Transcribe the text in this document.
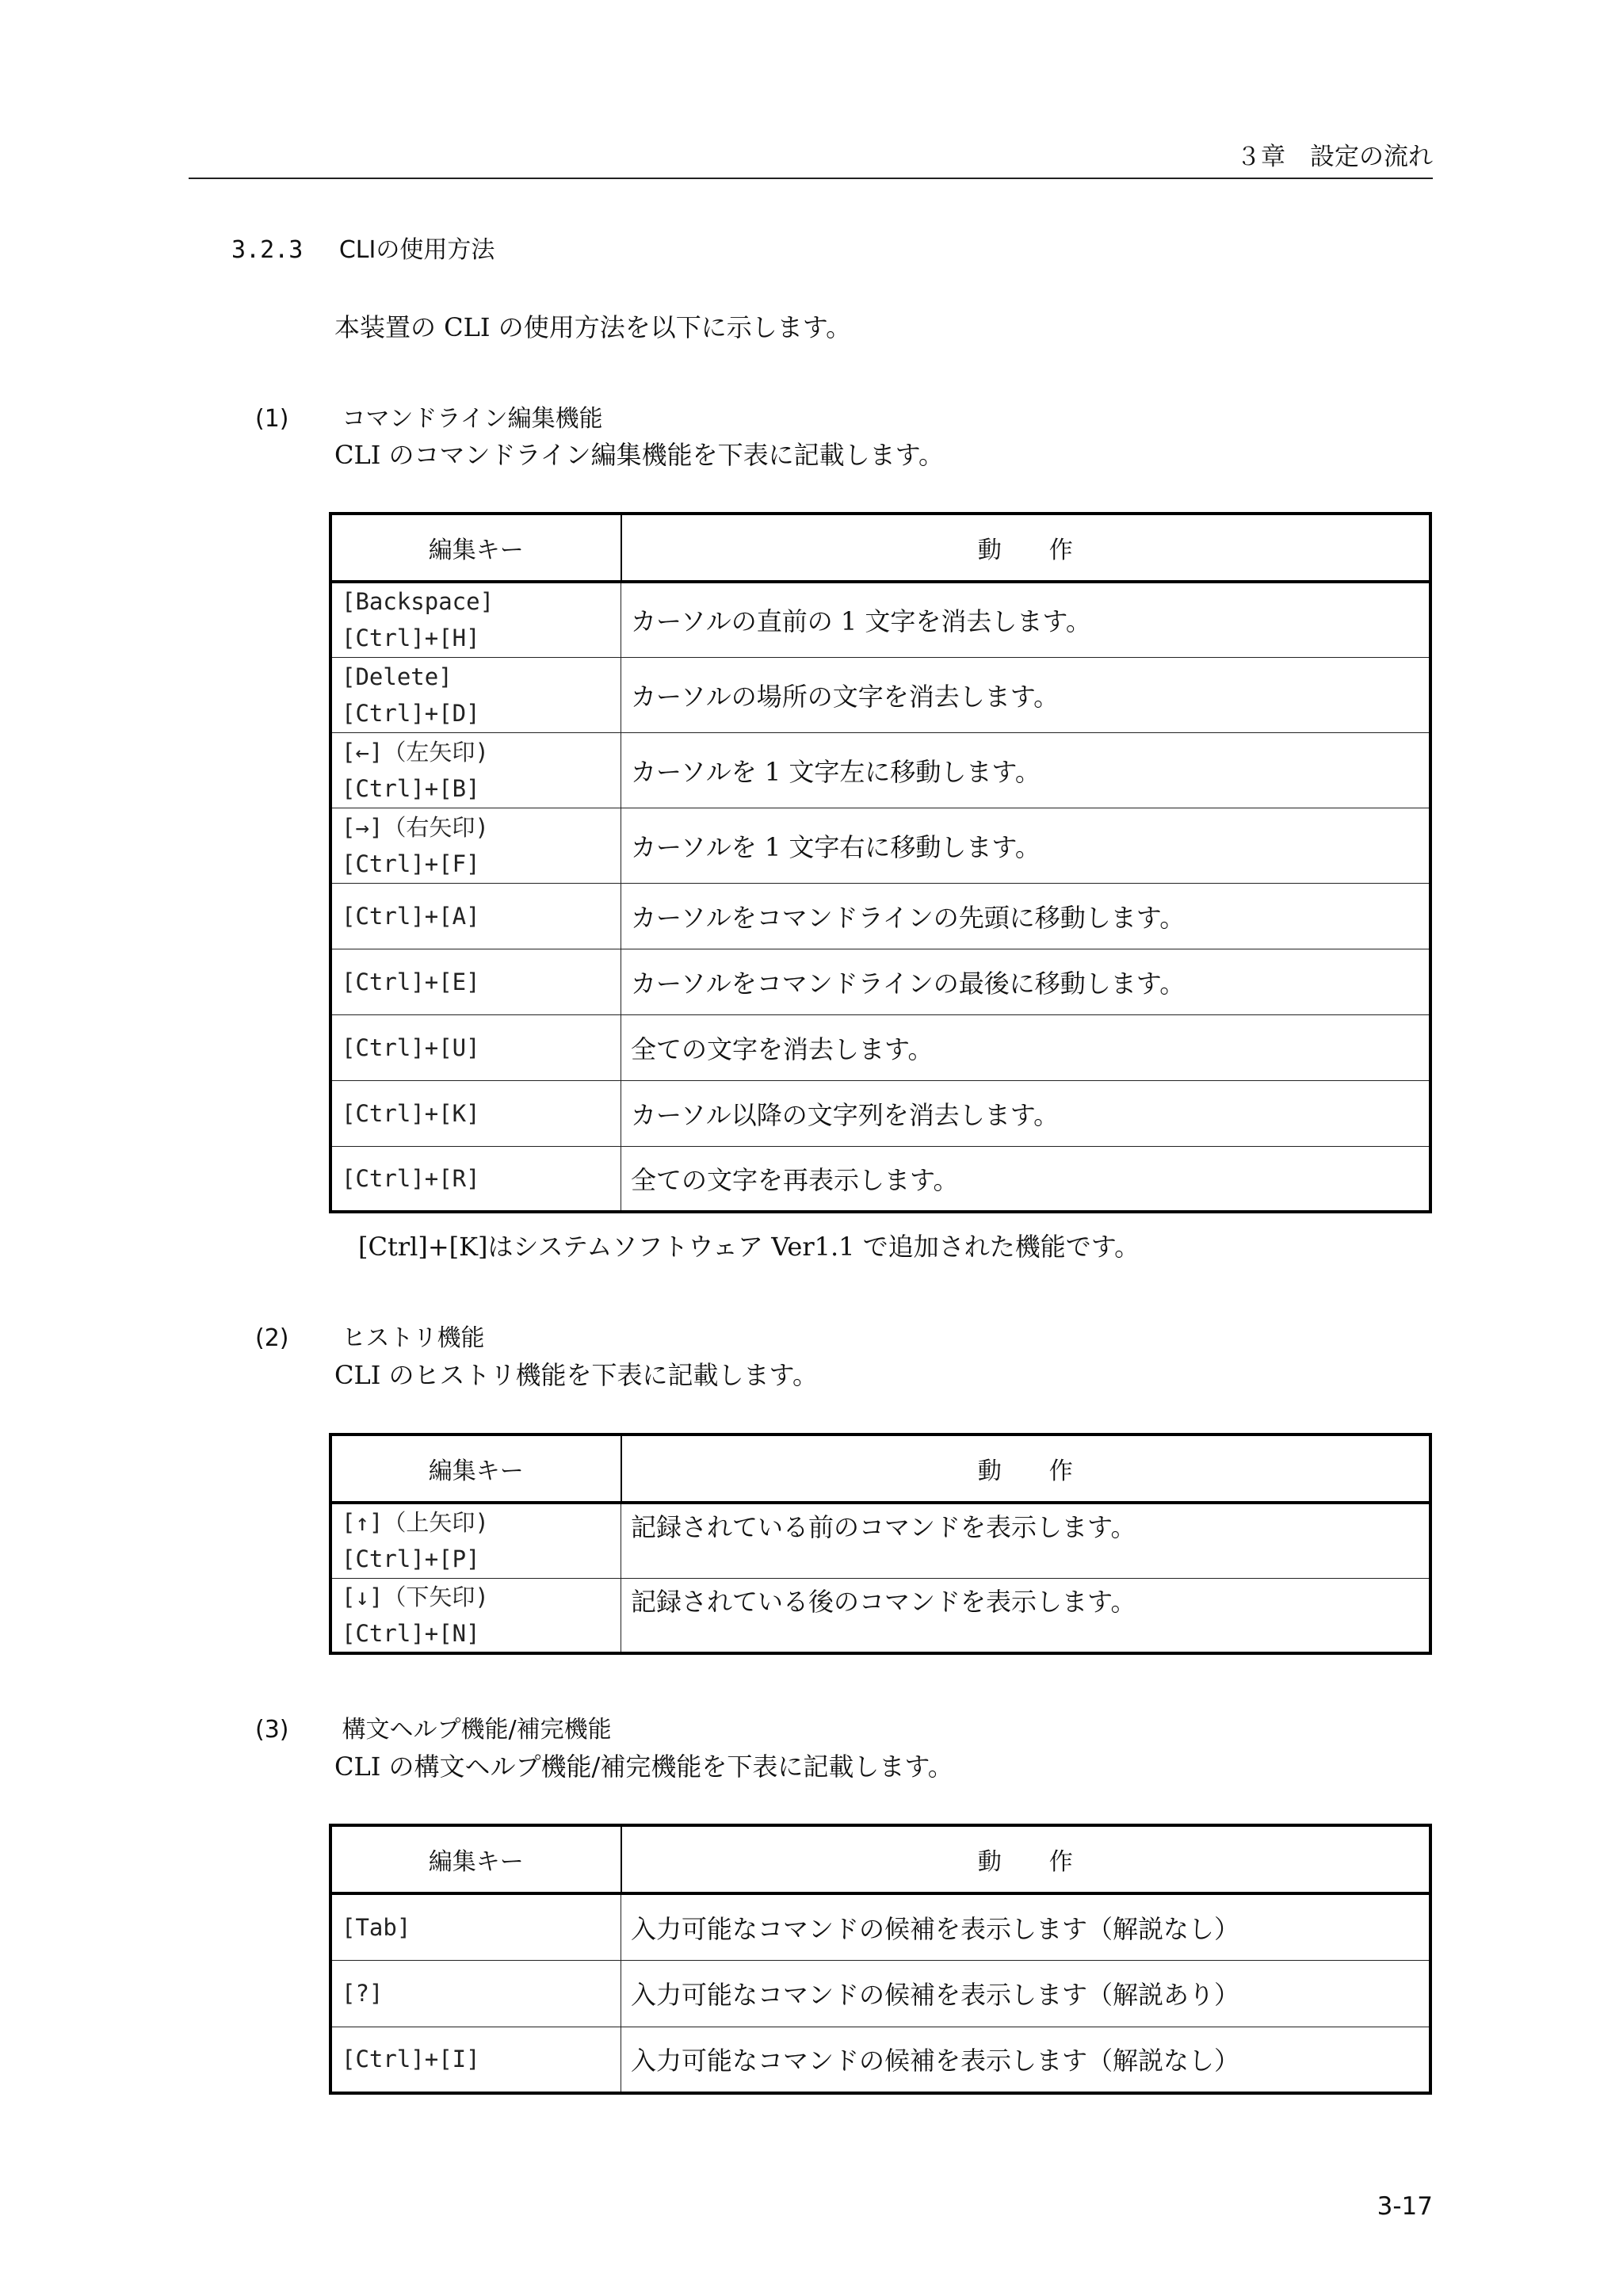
３章　設定の流れ
3.2.3 CLIの使用方法
本装置の CLI の使用方法を以下に示します。
(1) コマンドライン編集機能
CLI のコマンドライン編集機能を下表に記載します。
編集キー	動　　作

[Backspace]
[Ctrl]+[H]	カーソルの直前の 1 文字を消去します。

[Delete]
[Ctrl]+[D]	カーソルの場所の文字を消去します。

[←]（左矢印)
[Ctrl]+[B]	カーソルを 1 文字左に移動します。

[→]（右矢印)
[Ctrl]+[F]	カーソルを 1 文字右に移動します。

[Ctrl]+[A]	カーソルをコマンドラインの先頭に移動します。

[Ctrl]+[E]	カーソルをコマンドラインの最後に移動します。

[Ctrl]+[U]	全ての文字を消去します。

[Ctrl]+[K]	カーソル以降の文字列を消去します。

[Ctrl]+[R]	全ての文字を再表示します。
[Ctrl]+[K]はシステムソフトウェア Ver1.1 で追加された機能です。
(2) ヒストリ機能
CLI のヒストリ機能を下表に記載します。
編集キー	動　　作

[↑]（上矢印)
[Ctrl]+[P]	記録されている前のコマンドを表示します。

[↓]（下矢印)
[Ctrl]+[N]	記録されている後のコマンドを表示します。
(3) 構文ヘルプ機能/補完機能
CLI の構文ヘルプ機能/補完機能を下表に記載します。
編集キー	動　　作

[Tab]	入力可能なコマンドの候補を表示します（解説なし）

[?]	入力可能なコマンドの候補を表示します（解説あり）

[Ctrl]+[I]	入力可能なコマンドの候補を表示します（解説なし）
3-17
